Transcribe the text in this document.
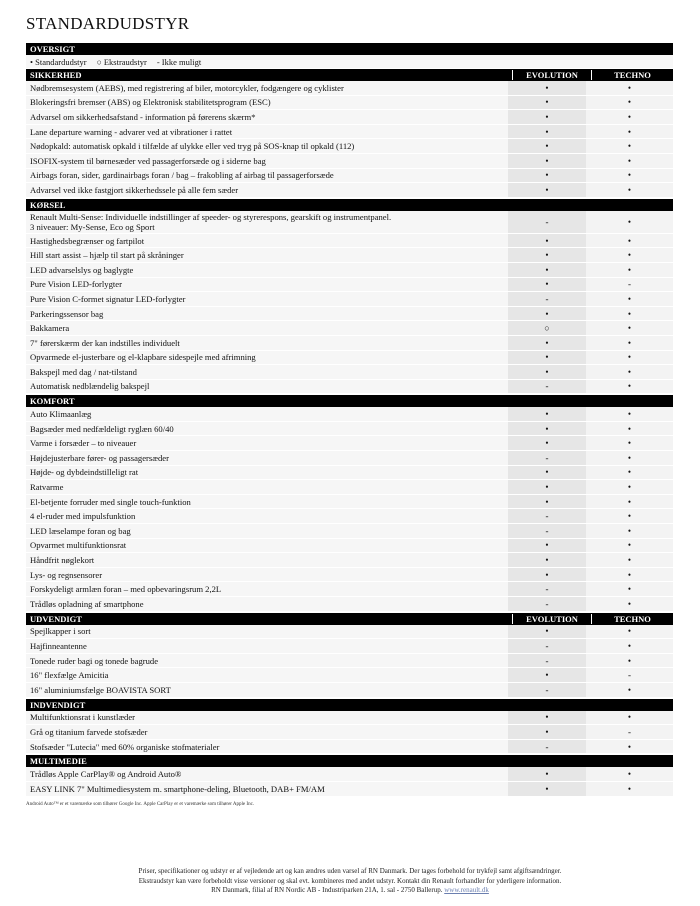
STANDARDUDSTYR
OVERSIGT
• Standardudstyr ○ Ekstraudstyr - Ikke muligt
SIKKERHED	EVOLUTION	TECHNO
Nødbremsesystem (AEBS), med registrering af biler, motorcykler, fodgængere og cyklister	•	•
Blokeringsfri bremser (ABS) og Elektronisk stabilitetsprogram (ESC)	•	•
Advarsel om sikkerhedsafstand - information på førerens skærm*	•	•
Lane departure warning - advarer ved at vibrationer i rattet	•	•
Nødopkald: automatisk opkald i tilfælde af ulykke eller ved tryg på SOS-knap til opkald (112)	•	•
ISOFIX-system til børnesæder ved passagerforsæde og i siderne bag	•	•
Airbags foran, sider, gardinairbags foran / bag – frakobling af airbag til passagerforsæde	•	•
Advarsel ved ikke fastgjort sikkerhedssele på alle fem sæder	•	•
KØRSEL
Renault Multi-Sense: Individuelle indstillinger af speeder- og styrerespons, gearskift og instrumentpanel.
3 niveauer: My-Sense, Eco og Sport	-	•
Hastighedsbegrænser og fartpilot	•	•
Hill start assist – hjælp til start på skråninger	•	•
LED advarselslys og baglygte	•	•
Pure Vision LED-forlygter	•	-
Pure Vision C-formet signatur LED-forlygter	-	•
Parkeringssensor bag	•	•
Bakkamera	○	•
7" førerskærm der kan indstilles individuelt	•	•
Opvarmede el-justerbare og el-klapbare sidespejle med afrimning	•	•
Bakspejl med dag / nat-tilstand	•	•
Automatisk nedblændelig bakspejl	-	•
KOMFORT
Auto Klimaanlæg	•	•
Bagsæder med nedfældeligt ryglæn 60/40	•	•
Varme i forsæder – to niveauer	•	•
Højdejusterbare fører- og passagersæder	-	•
Højde- og dybdeindstilleligt rat	•	•
Ratvarme	•	•
El-betjente forruder med single touch-funktion	•	•
4 el-ruder med impulsfunktion	-	•
LED læselampe foran og bag	-	•
Opvarmet multifunktionsrat	•	•
Håndfrit nøglekort	•	•
Lys- og regnsensorer	•	•
Forskydeligt armlæn foran – med opbevaringsrum 2,2L	-	•
Trådløs opladning af smartphone	-	•
UDVENDIGT	EVOLUTION	TECHNO
Spejlkapper i sort	•	•
Hajfinneantenne	-	•
Tonede ruder bagi og tonede bagrude	-	•
16" flexfælge Amicitia	•	-
16" aluminiumsfælge BOAVISTA SORT	-	•
INDVENDIGT
Multifunktionsrat i kunstlæder	•	•
Grå og titanium farvede stofsæder	•	-
Stofsæder "Lutecia" med 60% organiske stofmaterialer	-	•
MULTIMEDIE
Trådløs Apple CarPlay® og Android Auto®	•	•
EASY LINK 7" Multimediesystem m. smartphone-deling, Bluetooth, DAB+ FM/AM	•	•
Android Auto™ er et varemærke som tilhører Google Inc. Apple CarPlay er et varemærke som tilhører Apple Inc.
Priser, specifikationer og udstyr er af vejledende art og kan ændres uden varsel af RN Danmark. Der tages forbehold for trykfejl samt afgiftsændringer.
Ekstraudstyr kan være forbeholdt visse versioner og skal evt. kombineres med andet udstyr. Kontakt din Renault forhandler for yderligere information.
RN Danmark, filial af RN Nordic AB - Industriparken 21A, 1. sal - 2750 Ballerup. www.renault.dk
